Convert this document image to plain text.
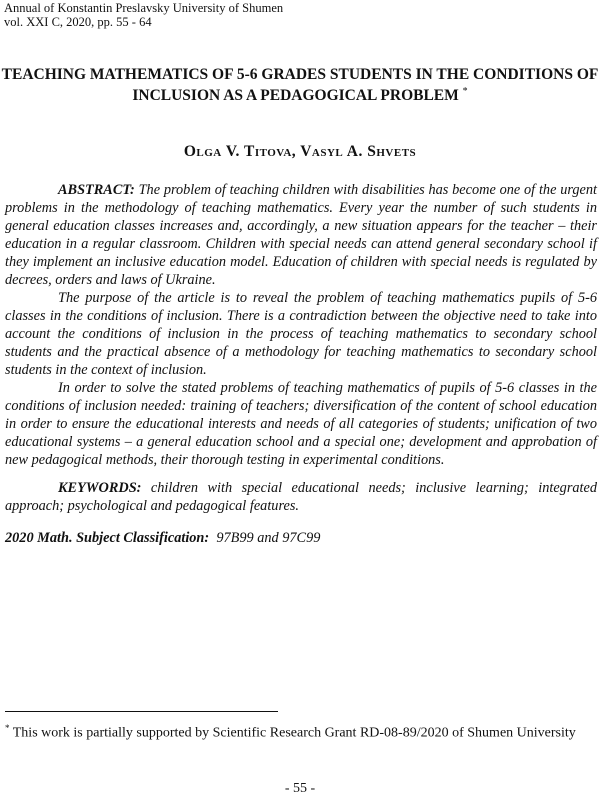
Annual of Konstantin Preslavsky University of Shumen
vol. XXI C, 2020, pp. 55 - 64
TEACHING MATHEMATICS OF 5-6 GRADES STUDENTS IN THE CONDITIONS OF INCLUSION AS A PEDAGOGICAL PROBLEM *
Olga V. Titova, Vasyl A. Shvets

ABSTRACT: The problem of teaching children with disabilities has become one of the urgent problems in the methodology of teaching mathematics. Every year the number of such students in general education classes increases and, accordingly, a new situation appears for the teacher – their education in a regular classroom. Children with special needs can attend general secondary school if they implement an inclusive education model. Education of children with special needs is regulated by decrees, orders and laws of Ukraine.

The purpose of the article is to reveal the problem of teaching mathematics pupils of 5-6 classes in the conditions of inclusion. There is a contradiction between the objective need to take into account the conditions of inclusion in the process of teaching mathematics to secondary school students and the practical absence of a methodology for teaching mathematics to secondary school students in the context of inclusion.

In order to solve the stated problems of teaching mathematics of pupils of 5-6 classes in the conditions of inclusion needed: training of teachers; diversification of the content of school education in order to ensure the educational interests and needs of all categories of students; unification of two educational systems – a general education school and a special one; development and approbation of new pedagogical methods, their thorough testing in experimental conditions.

KEYWORDS: children with special educational needs; inclusive learning; integrated approach; psychological and pedagogical features.

2020 Math. Subject Classification: 97B99 and 97C99

* This work is partially supported by Scientific Research Grant RD-08-89/2020 of Shumen University
- 55 -
